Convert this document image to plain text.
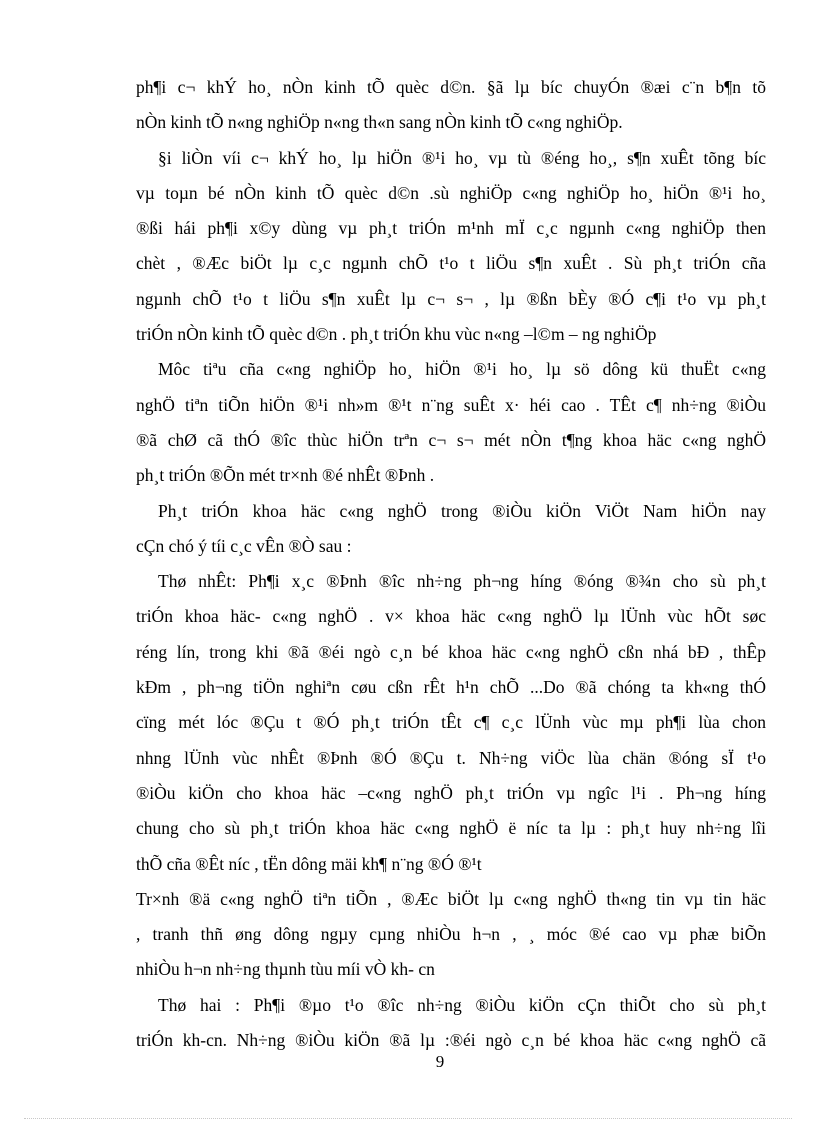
ph¶i c¬ khÝ ho¸ nÒn kinh tÕ quèc d©n. §ã lµ bíc chuyÓn ®æi c¨n b¶n tõ
nÒn kinh tÕ n«ng nghiÖp n«ng th«n sang nÒn kinh tÕ c«ng nghiÖp.
§i liÒn víi c¬ khÝ ho¸ lµ hiÖn ®¹i ho¸ vµ tù ®éng ho¸, s¶n xuÊt tõng bíc
vµ toµn bé nÒn kinh tÕ quèc d©n .sù nghiÖp c«ng nghiÖp ho¸ hiÖn ®¹i ho¸
®ßi hái ph¶i x©y dùng vµ ph¸t triÓn m¹nh mÏ c¸c ngµnh c«ng nghiÖp then
chèt , ®Æc biÖt lµ c¸c ngµnh chÕ t¹o t liÖu s¶n xuÊt . Sù ph¸t triÓn cña
ngµnh chÕ t¹o t liÖu s¶n xuÊt lµ c¬ s¬ , lµ ®ßn bÈy ®Ó c¶i t¹o vµ ph¸t
triÓn nÒn kinh tÕ quèc d©n . ph¸t triÓn khu vùc n«ng –l©m – ng nghiÖp
Môc tiªu cña c«ng nghiÖp ho¸ hiÖn ®¹i ho¸ lµ sö dông kü thuËt c«ng
nghÖ tiªn tiÕn hiÖn ®¹i nh»m ®¹t n¨ng suÊt x· héi cao . TÊt c¶ nh÷ng ®iÒu
®ã chØ cã thÓ ®îc thùc hiÖn trªn c¬ s¬ mét nÒn t¶ng khoa häc c«ng nghÖ
ph¸t triÓn ®Õn mét tr×nh ®é nhÊt ®Þnh .
Ph¸t triÓn khoa häc c«ng nghÖ trong ®iÒu kiÖn ViÖt Nam hiÖn nay
cÇn chó ý tíi c¸c vÊn ®Ò sau :
Thø nhÊt: Ph¶i x¸c ®Þnh ®îc nh÷ng ph¬ng híng ®óng ®¾n cho sù ph¸t
triÓn khoa häc- c«ng nghÖ . v× khoa häc c«ng nghÖ lµ lÜnh vùc hÕt søc
réng lín, trong khi ®ã ®éi ngò c¸n bé khoa häc c«ng nghÖ cßn nhá bÐ , thÊp
kÐm , ph¬ng tiÖn nghiªn cøu cßn rÊt h¹n chÕ ...Do ®ã chóng ta kh«ng thÓ
cïng mét lóc ®Çu t ®Ó ph¸t triÓn tÊt c¶ c¸c lÜnh vùc mµ ph¶i lùa chon
nhng lÜnh vùc nhÊt ®Þnh ®Ó ®Çu t. Nh÷ng viÖc lùa chän ®óng sÏ t¹o
®iÒu kiÖn cho khoa häc –c«ng nghÖ ph¸t triÓn vµ ngîc l¹i . Ph¬ng híng
chung cho sù ph¸t triÓn khoa häc c«ng nghÖ ë níc ta lµ : ph¸t huy nh÷ng lîi
thÕ cña ®Êt níc , tËn dông mäi kh¶ n¨ng ®Ó ®¹t
Tr×nh ®ä c«ng nghÖ tiªn tiÕn , ®Æc biÖt lµ c«ng nghÖ th«ng tin vµ tin häc
, tranh thñ øng dông ngµy cµng nhiÒu h¬n , ¸ móc ®é cao vµ phæ biÕn
nhiÒu h¬n nh÷ng thµnh tùu míi vÒ kh- cn
Thø hai : Ph¶i ®µo t¹o ®îc nh÷ng ®iÒu kiÖn cÇn thiÕt cho sù ph¸t
triÓn kh-cn. Nh÷ng ®iÒu kiÖn ®ã lµ :®éi ngò c¸n bé khoa häc c«ng nghÖ cã
9
